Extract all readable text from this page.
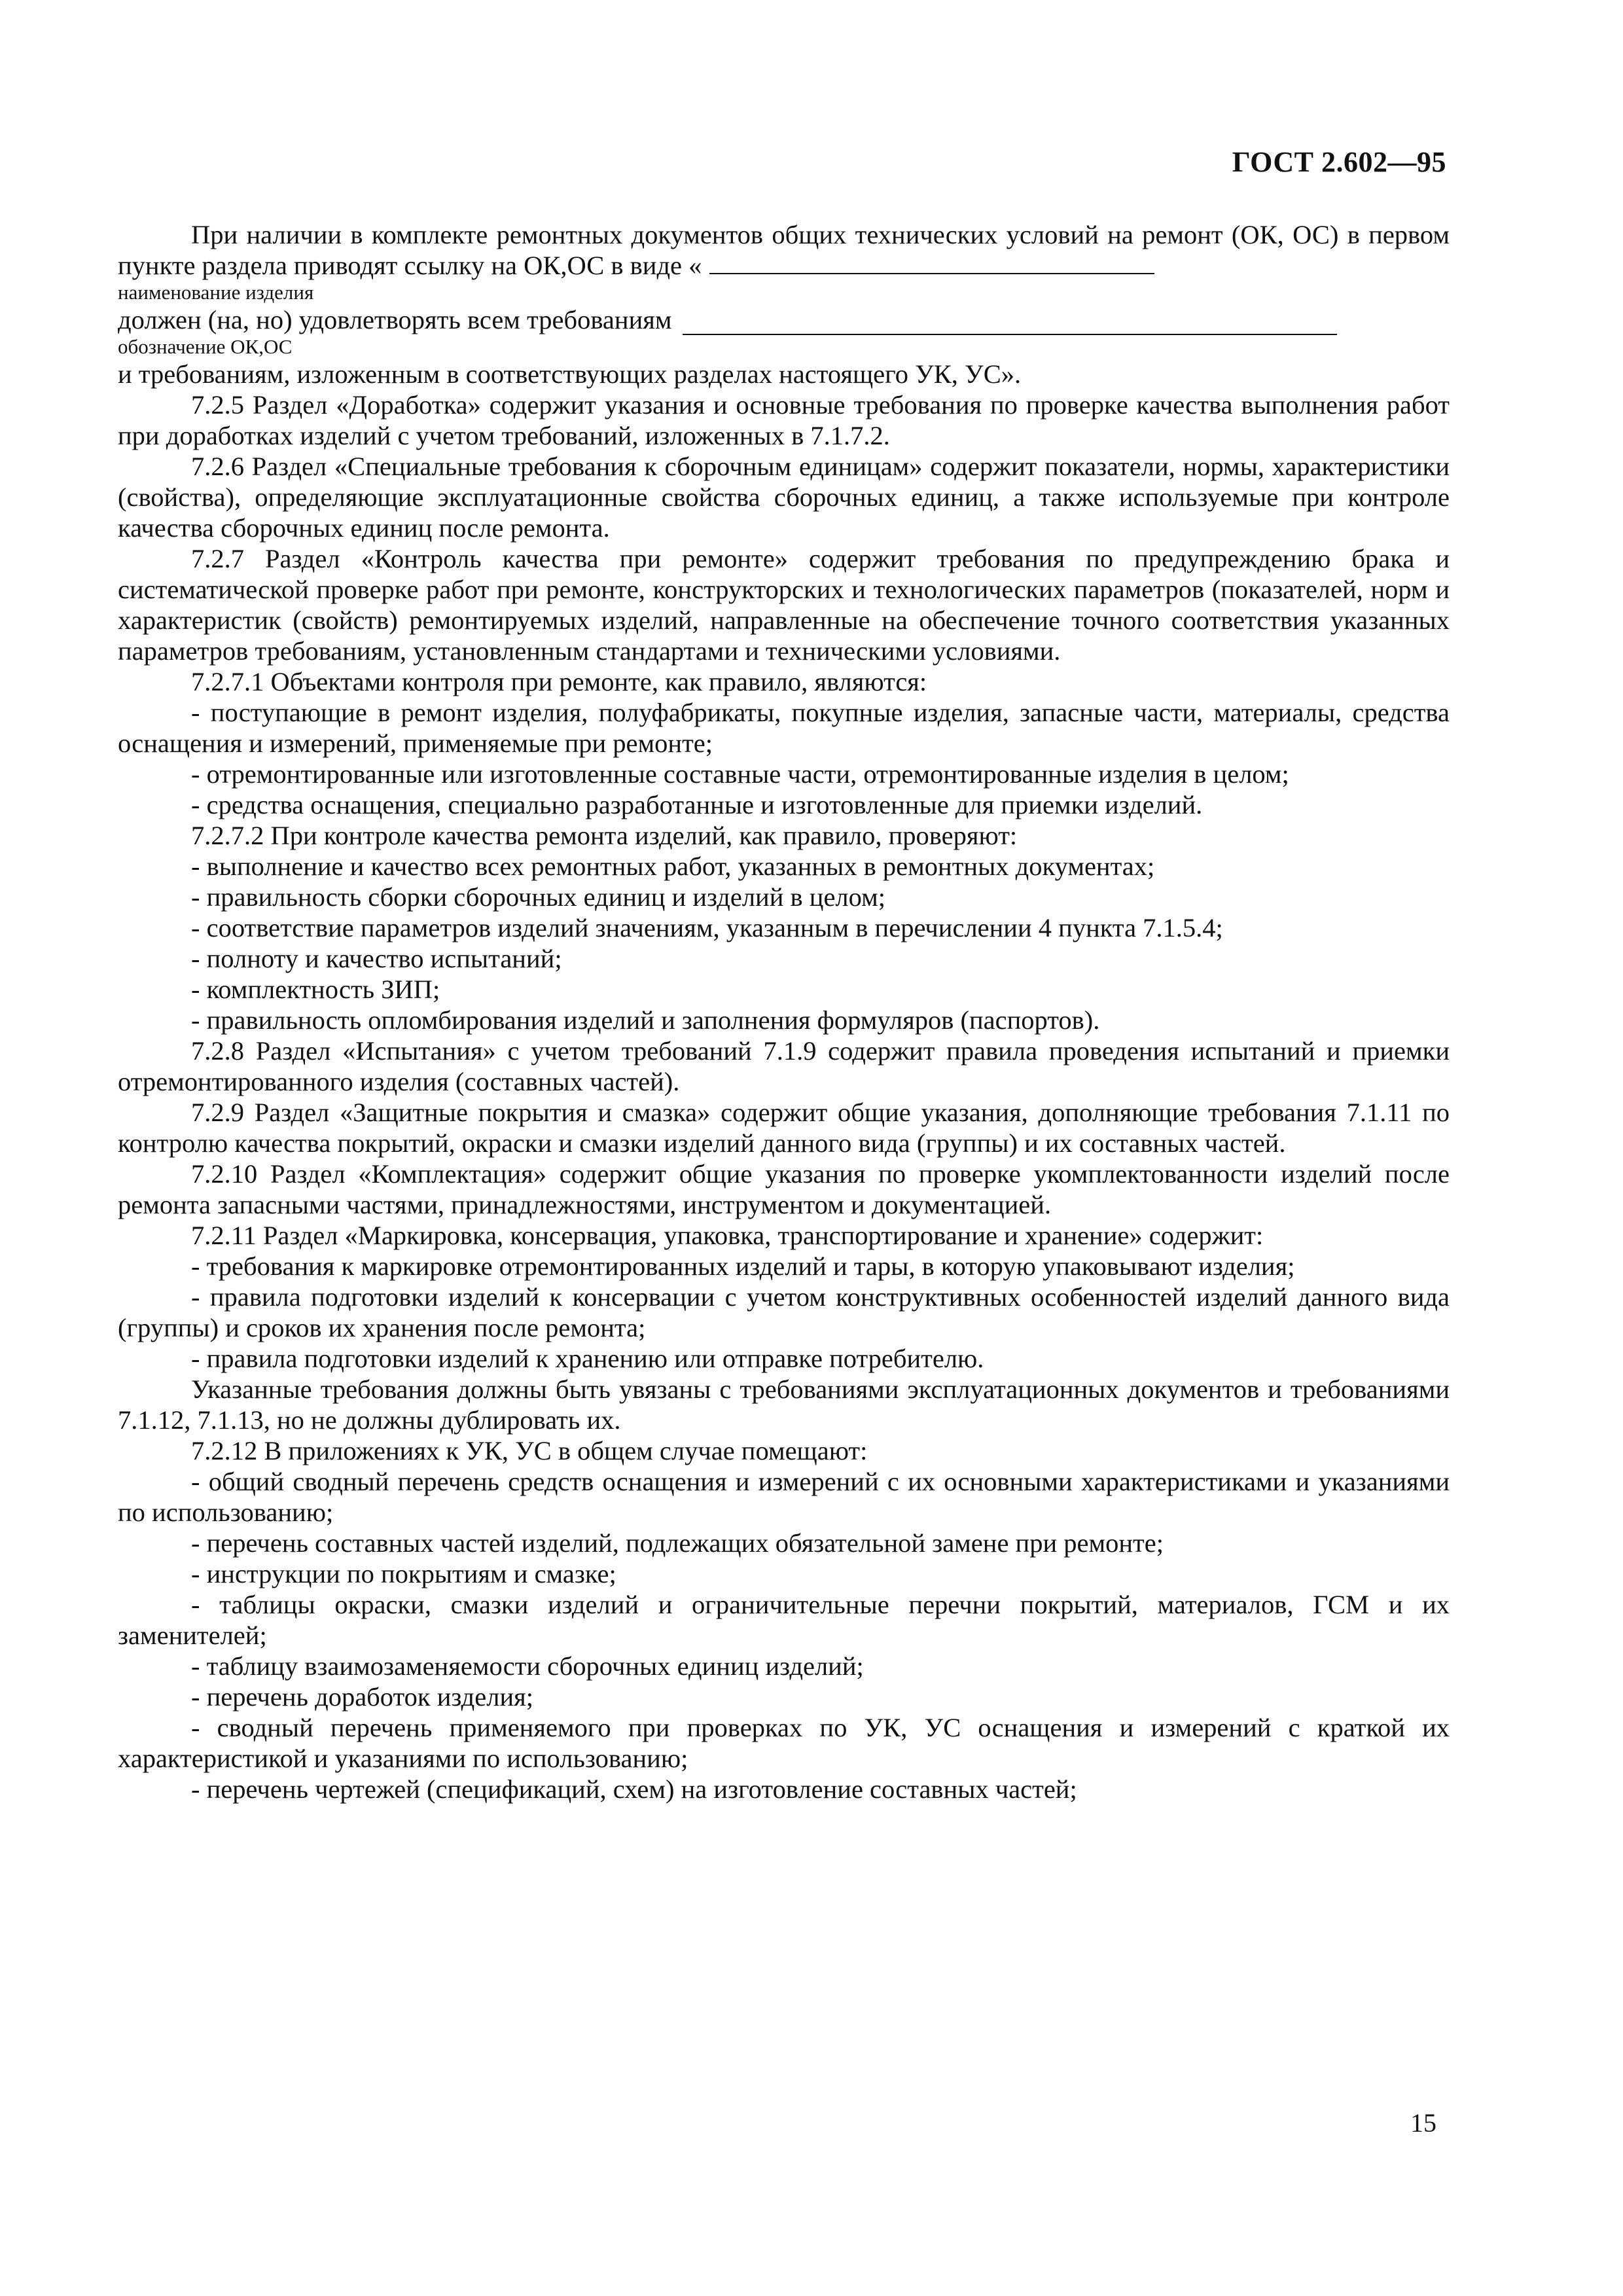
ГОСТ 2.602—95

При наличии в комплекте ремонтных документов общих технических условий на ремонт (ОК, ОС) в первом пункте раздела приводят ссылку на ОК,ОС в виде «

наименование изделия

должен (на, но) удовлетворять всем требованиям

обозначение ОК,ОС

и требованиям, изложенным в соответствующих разделах настоящего УК, УС».

7.2.5 Раздел «Доработка» содержит указания и основные требования по проверке качества выполнения работ при доработках изделий с учетом требований, изложенных в 7.1.7.2.

7.2.6 Раздел «Специальные требования к сборочным единицам» содержит показатели, нормы, характеристики (свойства), определяющие эксплуатационные свойства сборочных единиц, а также используемые при контроле качества сборочных единиц после ремонта.

7.2.7 Раздел «Контроль качества при ремонте» содержит требования по предупреждению брака и систематической проверке работ при ремонте, конструкторских и технологических параметров (показателей, норм и характеристик (свойств) ремонтируемых изделий, направленные на обеспечение точного соответствия указанных параметров требованиям, установленным стандартами и техническими условиями.

7.2.7.1 Объектами контроля при ремонте, как правило, являются:

- поступающие в ремонт изделия, полуфабрикаты, покупные изделия, запасные части, материалы, средства оснащения и измерений, применяемые при ремонте;

- отремонтированные или изготовленные составные части, отремонтированные изделия в целом;

- средства оснащения, специально разработанные и изготовленные для приемки изделий.

7.2.7.2 При контроле качества ремонта изделий, как правило, проверяют:

- выполнение и качество всех ремонтных работ, указанных в ремонтных документах;

- правильность сборки сборочных единиц и изделий в целом;

- соответствие параметров изделий значениям, указанным в перечислении 4 пункта 7.1.5.4;

- полноту и качество испытаний;

- комплектность ЗИП;

- правильность опломбирования изделий и заполнения формуляров (паспортов).

7.2.8 Раздел «Испытания» с учетом требований 7.1.9 содержит правила проведения испытаний и приемки отремонтированного изделия (составных частей).

7.2.9 Раздел «Защитные покрытия и смазка» содержит общие указания, дополняющие требования 7.1.11 по контролю качества покрытий, окраски и смазки изделий данного вида (группы) и их составных частей.

7.2.10 Раздел «Комплектация» содержит общие указания по проверке укомплектованности изделий после ремонта запасными частями, принадлежностями, инструментом и документацией.

7.2.11 Раздел «Маркировка, консервация, упаковка, транспортирование и хранение» содержит:

- требования к маркировке отремонтированных изделий и тары, в которую упаковывают изделия;

- правила подготовки изделий к консервации с учетом конструктивных особенностей изделий данного вида (группы) и сроков их хранения после ремонта;

- правила подготовки изделий к хранению или отправке потребителю.

Указанные требования должны быть увязаны с требованиями эксплуатационных документов и требованиями 7.1.12, 7.1.13, но не должны дублировать их.

7.2.12 В приложениях к УК, УС в общем случае помещают:

- общий сводный перечень средств оснащения и измерений с их основными характеристиками и указаниями по использованию;

- перечень составных частей изделий, подлежащих обязательной замене при ремонте;

- инструкции по покрытиям и смазке;

- таблицы окраски, смазки изделий и ограничительные перечни покрытий, материалов, ГСМ и их заменителей;

- таблицу взаимозаменяемости сборочных единиц изделий;

- перечень доработок изделия;

- сводный перечень применяемого при проверках по УК, УС оснащения и измерений с краткой их характеристикой и указаниями по использованию;

- перечень чертежей (спецификаций, схем) на изготовление составных частей;

15
